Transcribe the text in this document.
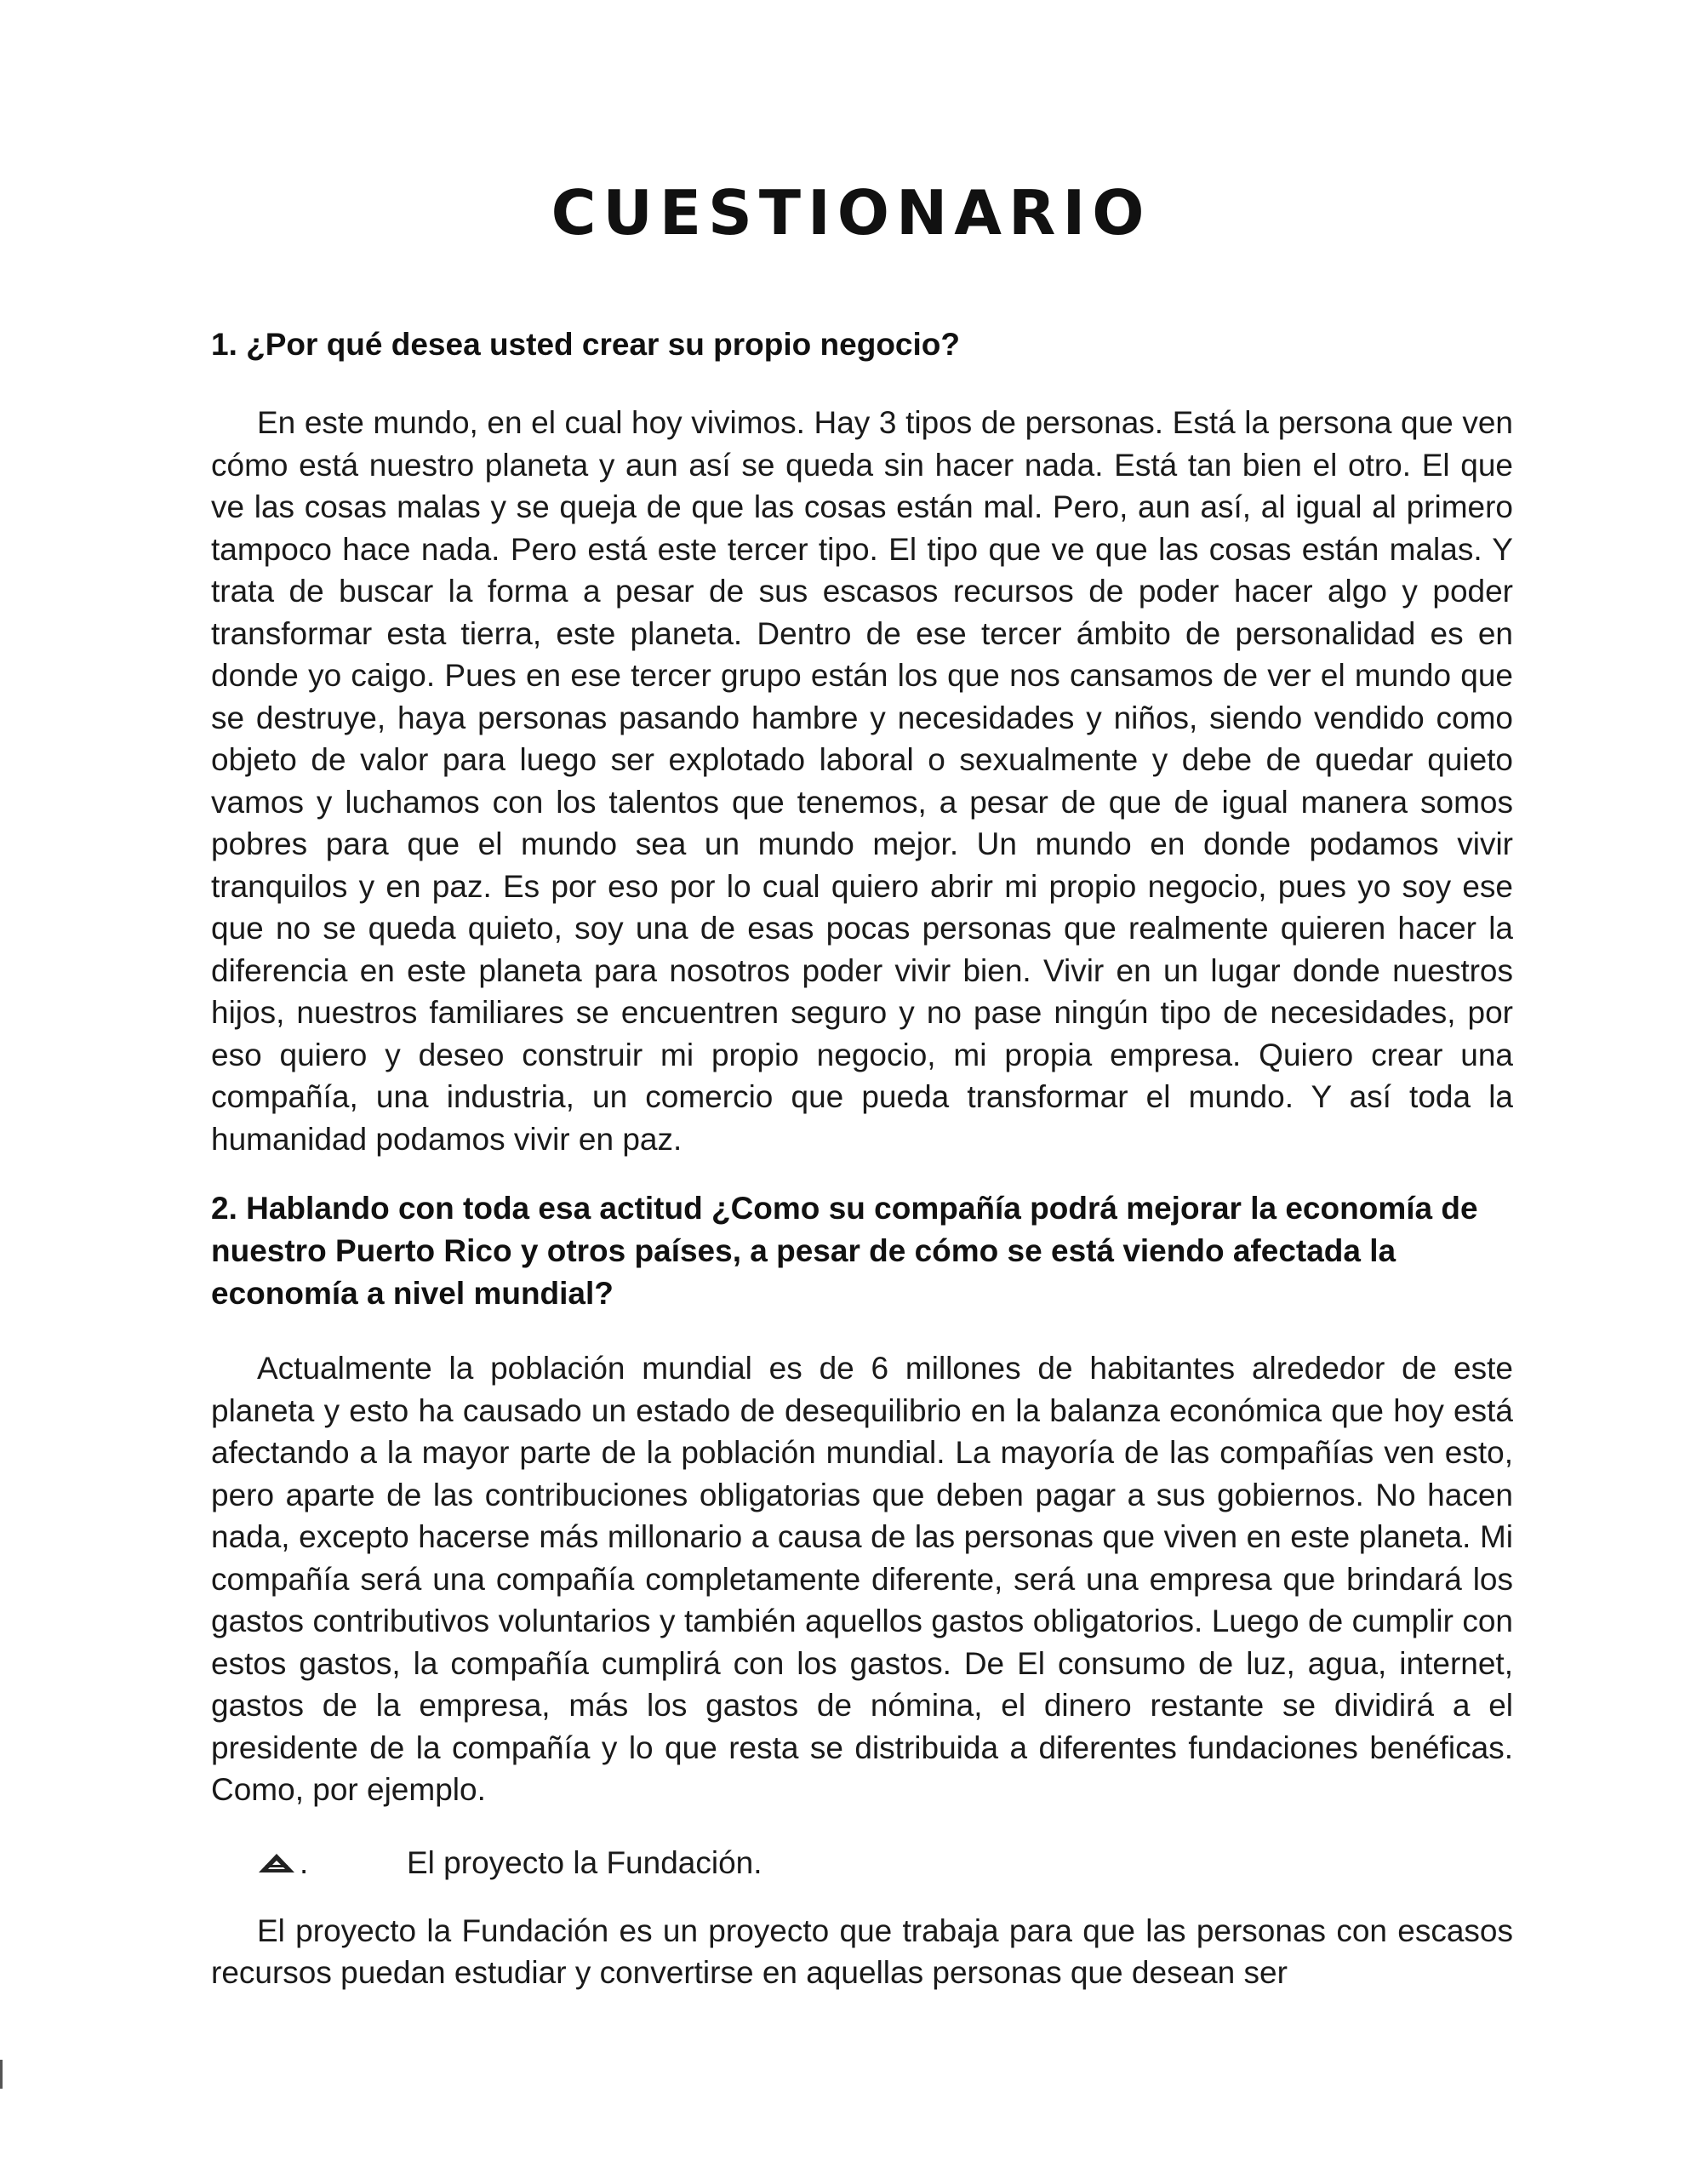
CUESTIONARIO
1. ¿Por qué desea usted crear su propio negocio?

En este mundo, en el cual hoy vivimos. Hay 3 tipos de personas. Está la persona que ven cómo está nuestro planeta y aun así se queda sin hacer nada. Está tan bien el otro. El que ve las cosas malas y se queja de que las cosas están mal. Pero, aun así, al igual al primero tampoco hace nada. Pero está este tercer tipo. El tipo que ve que las cosas están malas. Y trata de buscar la forma a pesar de sus escasos recursos de poder hacer algo y poder transformar esta tierra, este planeta. Dentro de ese tercer ámbito de personalidad es en donde yo caigo. Pues en ese tercer grupo están los que nos cansamos de ver el mundo que se destruye, haya personas pasando hambre y necesidades y niños, siendo vendido como objeto de valor para luego ser explotado laboral o sexualmente y debe de quedar quieto vamos y luchamos con los talentos que tenemos, a pesar de que de igual manera somos pobres para que el mundo sea un mundo mejor. Un mundo en donde podamos vivir tranquilos y en paz. Es por eso por lo cual quiero abrir mi propio negocio, pues yo soy ese que no se queda quieto, soy una de esas pocas personas que realmente quieren hacer la diferencia en este planeta para nosotros poder vivir bien. Vivir en un lugar donde nuestros hijos, nuestros familiares se encuentren seguro y no pase ningún tipo de necesidades, por eso quiero y deseo construir mi propio negocio, mi propia empresa. Quiero crear una compañía, una industria, un comercio que pueda transformar el mundo. Y así toda la humanidad podamos vivir en paz.

2. Hablando con toda esa actitud ¿Como su compañía podrá mejorar la economía de nuestro Puerto Rico y otros países, a pesar de cómo se está viendo afectada la economía a nivel mundial?

Actualmente la población mundial es de 6 millones de habitantes alrededor de este planeta y esto ha causado un estado de desequilibrio en la balanza económica que hoy está afectando a la mayor parte de la población mundial. La mayoría de las compañías ven esto, pero aparte de las contribuciones obligatorias que deben pagar a sus gobiernos. No hacen nada, excepto hacerse más millonario a causa de las personas que viven en este planeta. Mi compañía será una compañía completamente diferente, será una empresa que brindará los gastos contributivos voluntarios y también aquellos gastos obligatorios. Luego de cumplir con estos gastos, la compañía cumplirá con los gastos. De El consumo de luz, agua, internet, gastos de la empresa, más los gastos de nómina, el dinero restante se dividirá a el presidente de la compañía y lo que resta se distribuida a diferentes fundaciones benéficas. Como, por ejemplo.

.	El proyecto la Fundación.

El proyecto la Fundación es un proyecto que trabaja para que las personas con escasos recursos puedan estudiar y convertirse en aquellas personas que desean ser
